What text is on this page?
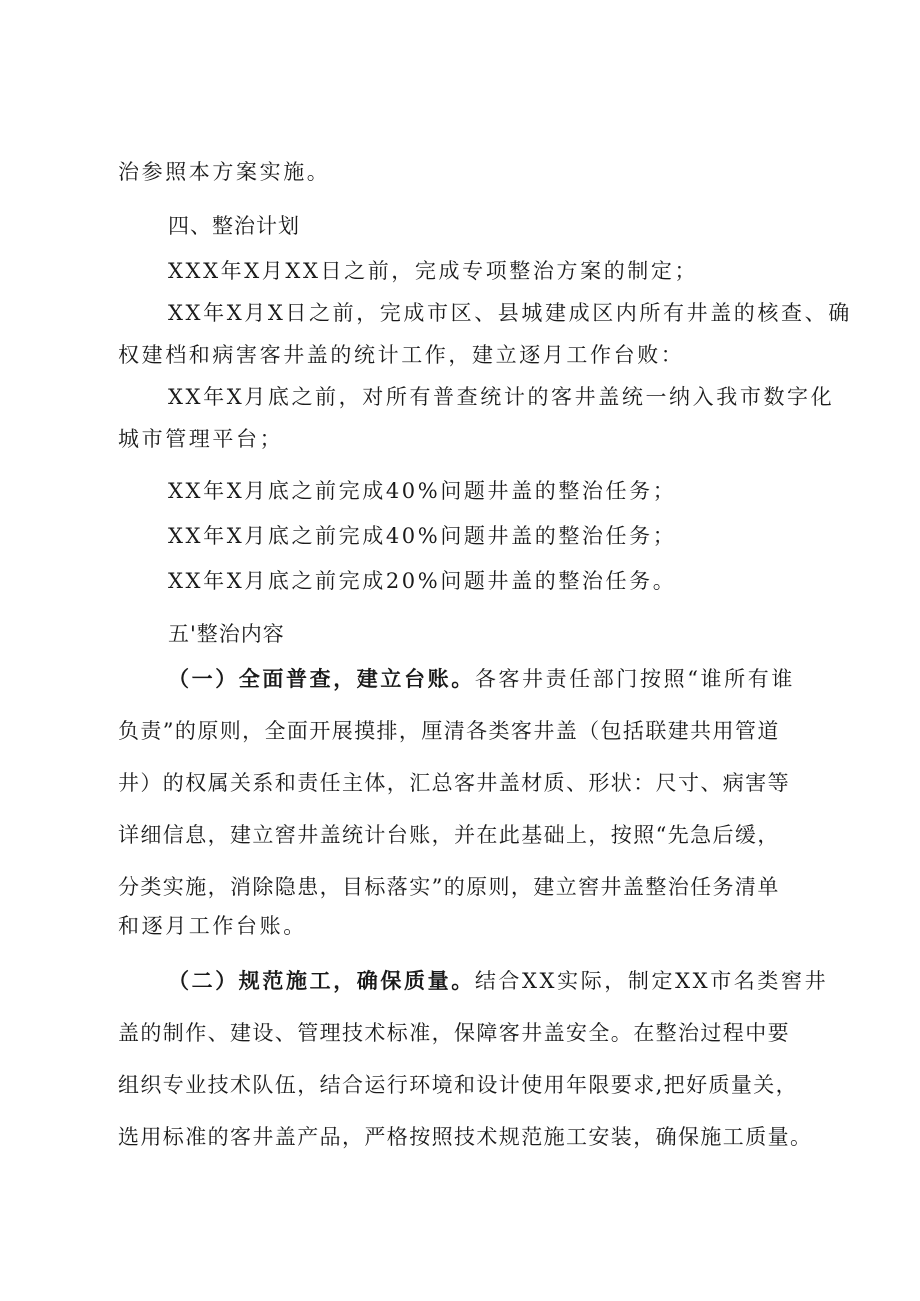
治参照本方案实施。

四、整治计划

XXX年X月XX日之前，完成专项整治方案的制定；

XX年X月X日之前，完成市区、县城建成区内所有井盖的核查、确

权建档和病害客井盖的统计工作，建立逐月工作台败：

XX年X月底之前，对所有普查统计的客井盖统一纳入我市数字化

城市管理平台；

XX年X月底之前完成40%问题井盖的整治任务；

XX年X月底之前完成40%问题井盖的整治任务；

XX年X月底之前完成20%问题井盖的整治任务。

五'整治内容

（一）全面普查，建立台账。各客井责任部门按照“谁所有谁

负责”的原则，全面开展摸排，厘清各类客井盖（包括联建共用管道

井）的权属关系和责任主体，汇总客井盖材质、形状：尺寸、病害等

详细信息，建立窖井盖统计台账，并在此基础上，按照“先急后缓，

分类实施，消除隐患，目标落实”的原则，建立窖井盖整治任务清单

和逐月工作台账。

（二）规范施工，确保质量。结合XX实际，制定XX市名类窖井

盖的制作、建设、管理技术标准，保障客井盖安全。在整治过程中要

组织专业技术队伍，结合运行环境和设计使用年限要求,把好质量关，

选用标准的客井盖产品，严格按照技术规范施工安装，确保施工质量。
